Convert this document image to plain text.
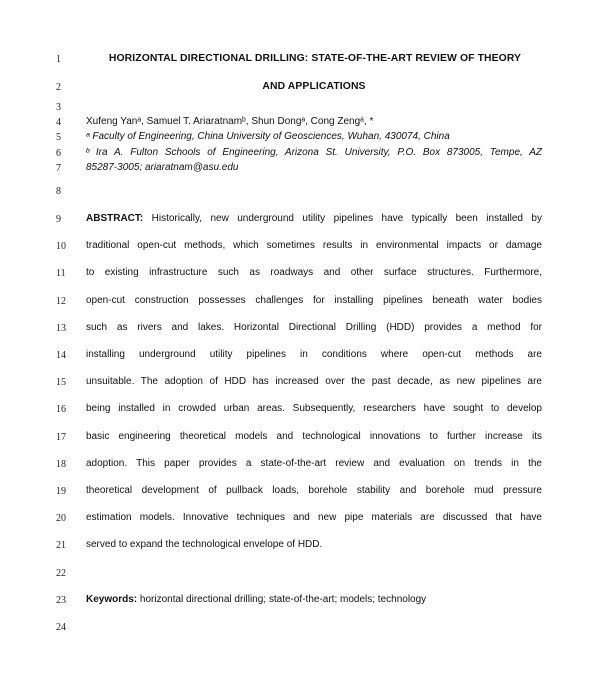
1	HORIZONTAL DIRECTIONAL DRILLING: STATE-OF-THE-ART REVIEW OF THEORY
2	AND APPLICATIONS
3
4	Xufeng Yanᵃ, Samuel T. Ariaratnamᵇ, Shun Dongᵃ, Cong Zengᵃ, *
5	ᵃ Faculty of Engineering, China University of Geosciences, Wuhan, 430074, China
6	ᵇ Ira A. Fulton Schools of Engineering, Arizona St. University, P.O. Box 873005, Tempe, AZ
7	85287-3005; ariaratnam@asu.edu
8
9	ABSTRACT: Historically, new underground utility pipelines have typically been installed by
10	traditional open-cut methods, which sometimes results in environmental impacts or damage
11	to existing infrastructure such as roadways and other surface structures. Furthermore,
12	open-cut construction possesses challenges for installing pipelines beneath water bodies
13	such as rivers and lakes. Horizontal Directional Drilling (HDD) provides a method for
14	installing underground utility pipelines in conditions where open-cut methods are
15	unsuitable. The adoption of HDD has increased over the past decade, as new pipelines are
16	being installed in crowded urban areas. Subsequently, researchers have sought to develop
17	basic engineering theoretical models and technological innovations to further increase its
18	adoption. This paper provides a state-of-the-art review and evaluation on trends in the
19	theoretical development of pullback loads, borehole stability and borehole mud pressure
20	estimation models. Innovative techniques and new pipe materials are discussed that have
21	served to expand the technological envelope of HDD.
22
23	Keywords: horizontal directional drilling; state-of-the-art; models; technology
24
